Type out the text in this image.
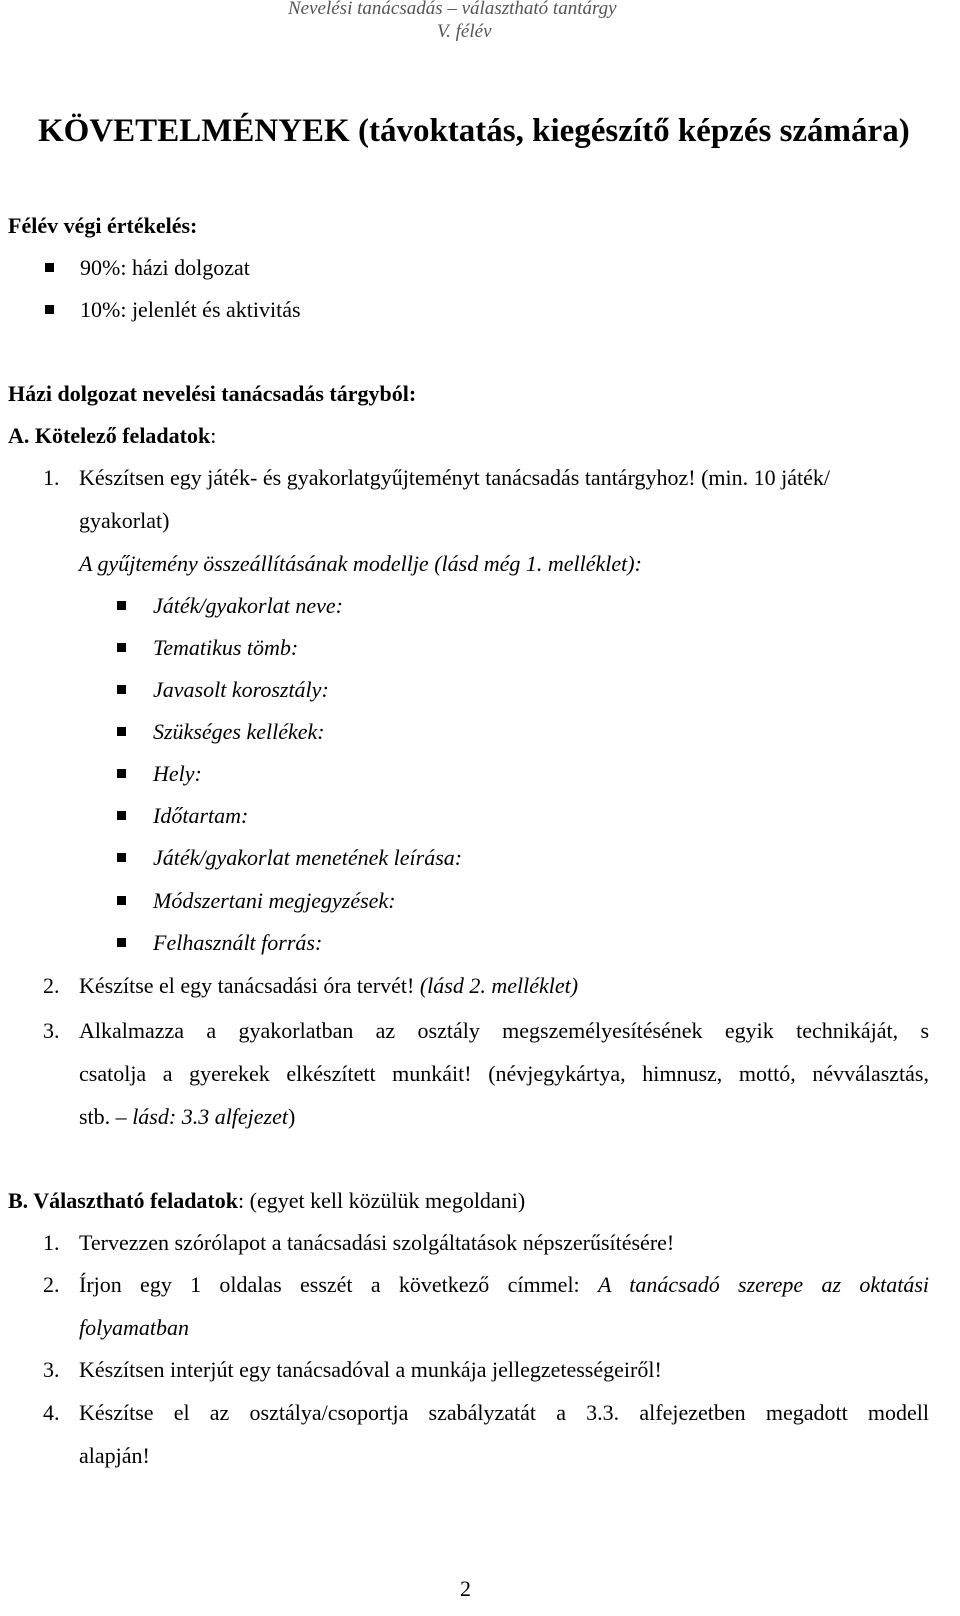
Nevelési tanácsadás – választható tantárgy
V. félév
KÖVETELMÉNYEK (távoktatás, kiegészítő képzés számára)
Félév végi értékelés:
90%: házi dolgozat
10%: jelenlét és aktivitás
Házi dolgozat nevelési tanácsadás tárgyból:
A. Kötelező feladatok:
1. Készítsen egy játék- és gyakorlatgyűjteményt tanácsadás tantárgyhoz! (min. 10 játék/
gyakorlat)
A gyűjtemény összeállításának modellje (lásd még 1. melléklet):
Játék/gyakorlat neve:
Tematikus tömb:
Javasolt korosztály:
Szükséges kellékek:
Hely:
Időtartam:
Játék/gyakorlat menetének leírása:
Módszertani megjegyzések:
Felhasznált forrás:
2. Készítse el egy tanácsadási óra tervét! (lásd 2. melléklet)
3. Alkalmazza a gyakorlatban az osztály megszemélyesítésének egyik technikáját, s
csatolja a gyerekek elkészített munkáit! (névjegykártya, himnusz, mottó, névválasztás,
stb. – lásd: 3.3 alfejezet)
B. Választható feladatok: (egyet kell közülük megoldani)
1. Tervezzen szórólapot a tanácsadási szolgáltatások népszerűsítésére!
2. Írjon egy 1 oldalas esszét a következő címmel: A tanácsadó szerepe az oktatási
folyamatban
3. Készítsen interjút egy tanácsadóval a munkája jellegzetességeiről!
4. Készítse el az osztálya/csoportja szabályzatát a 3.3. alfejezetben megadott modell
alapján!
2
